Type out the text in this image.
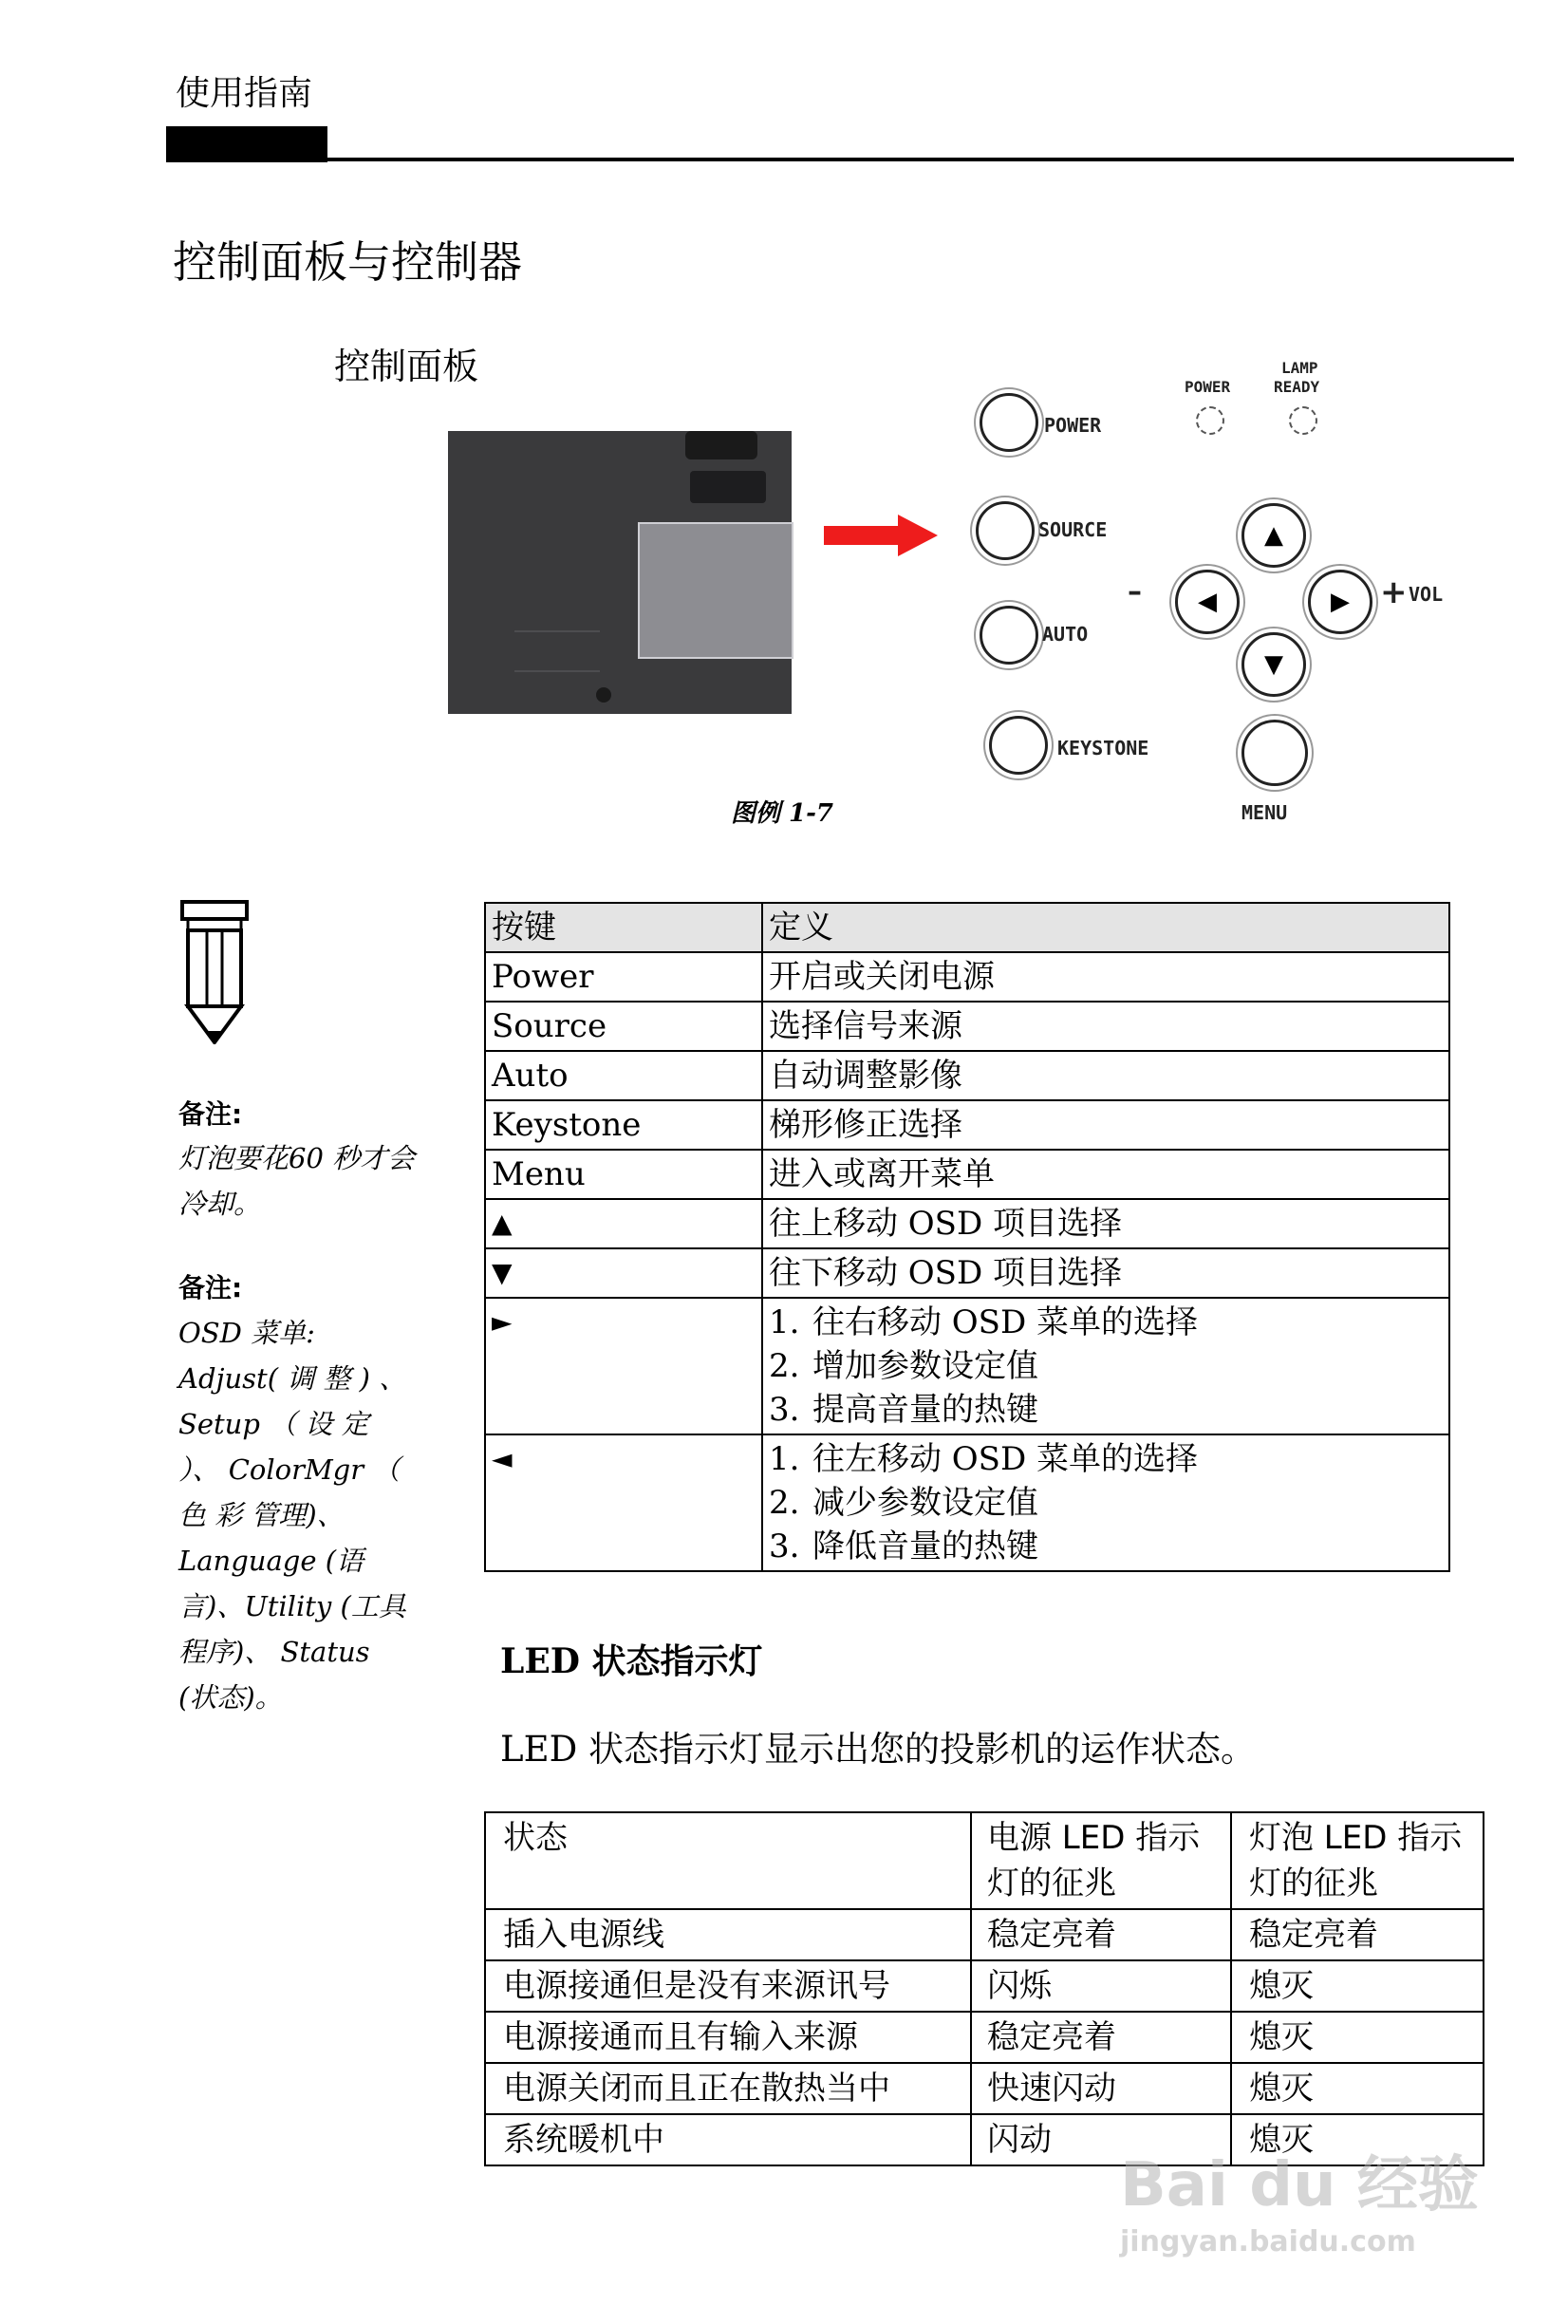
使用指南
控制面板与控制器
控制面板
图例 1-7
POWER
LAMP
READY
POWER
SOURCE
AUTO
KEYSTONE
MENU
▲
▼
◀	▶
–	+ VOL
备注:
灯泡要花60 秒才会冷却。
备注:
OSD 菜单: Adjust( 调 整 ) 、 Setup （ 设 定 ）、 ColorMgr （ 色 彩 管理)、Language (语言)、Utility (工具程序)、 Status (状态)。
按键	定义
Power	开启或关闭电源
Source	选择信号来源
Auto	自动调整影像
Keystone	梯形修正选择
Menu	进入或离开菜单
▲	往上移动 OSD 项目选择
▼	往下移动 OSD 项目选择
►	1. 往右移动 OSD 菜单的选择
2. 增加参数设定值
3. 提高音量的热键

◄	1. 往左移动 OSD 菜单的选择
2. 减少参数设定值
3. 降低音量的热键
LED 状态指示灯
LED 状态指示灯显示出您的投影机的运作状态。
状态	电源 LED 指示灯的征兆	灯泡 LED 指示灯的征兆
插入电源线	稳定亮着	稳定亮着
电源接通但是没有来源讯号	闪烁	熄灭
电源接通而且有输入来源	稳定亮着	熄灭
电源关闭而且正在散热当中	快速闪动	熄灭
系统暖机中	闪动	熄灭
Bai du 经验
jingyan.baidu.com
